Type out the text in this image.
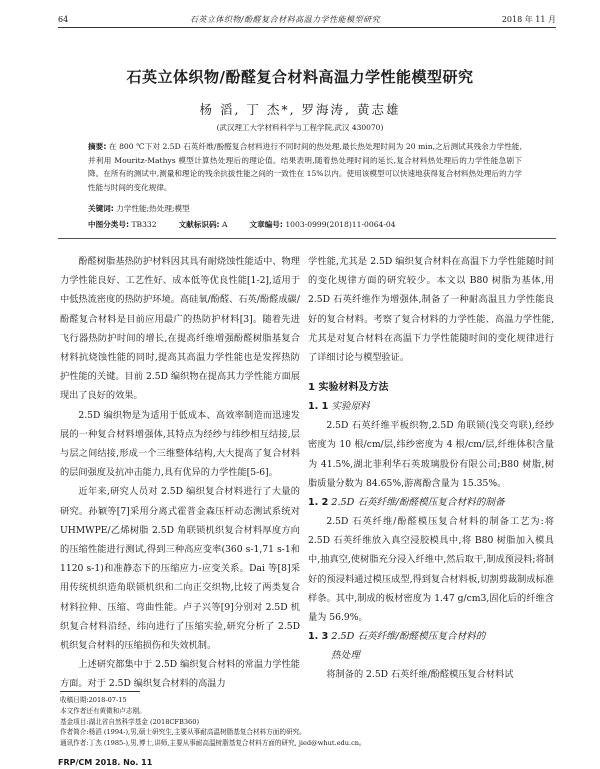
64	石英立体织物/酚醛复合材料高温力学性能模型研究	2018 年 11 月
石英立体织物/酚醛复合材料高温力学性能模型研究
杨 滔, 丁 杰*, 罗海涛, 黄志雄
(武汉理工大学材料科学与工程学院,武汉 430070)
摘要: 在 800 ℃下对 2.5D 石英纤维/酚醛复合材料进行不同时间的热处理,最长热处理时间为 20 min,之后测试其残余力学性能,并利用 Mouritz-Mathys 模型计算热处理后的理论值。结果表明,随着热处理时间的延长,复合材料热处理后的力学性能急剧下降。在所有的测试中,测量和理论的残余抗拔性能之间的一致性在 15%以内。使用该模型可以快速地获得复合材料热处理后的力学性能与时间的变化规律。
关键词: 力学性能;热处理;模型
中图分类号: TB332	文献标识码: A	文章编号: 1003-0999(2018)11-0064-04

酚醛树脂基热防护材料因其具有耐烧蚀性能适中、物理力学性能良好、工艺性好、成本低等优良性能[1-2],适用于中低热流密度的热防护环境。高硅氧/酚醛、石英/酚醛成碳/酚醛复合材料是目前应用最广的热防护材料[3]。随着先进飞行器热防护时间的增长,在提高纤维增强酚醛树脂基复合材料抗烧蚀性能的同时,提高其高温力学性能也是发挥热防护性能的关键。目前 2.5D 编织物在提高其力学性能方面展现出了良好的效果。

2.5D 编织物是为适用于低成本、高效率制造而迅速发展的一种复合材料增强体,其特点为经纱与纬纱相互结接,层与层之间结接,形成一个三维整体结构,大大提高了复合材料的层间强度及抗冲击能力,具有优异的力学性能[5-6]。

近年来,研究人员对 2.5D 编织复合材料进行了大量的研究。孙颖等[7]采用分离式霍普金森压杆动态测试系统对 UHMWPE/乙烯树脂 2.5D 角联锁机织复合材料厚度方向的压缩性能进行测试,得到三种高应变率(360 s-1,71 s-1和 1120 s-1)和准静态下的压缩应力-应变关系。Dai 等[8]采用传统机织造角联锁机织和二向正交织物,比较了两类复合材料拉伸、压缩、弯曲性能。卢子兴等[9]分别对 2.5D 机织复合材料沿经、纬向进行了压缩实验,研究分析了 2.5D 机织复合材料的压缩损伤和失效机制。

上述研究都集中于 2.5D 编织复合材料的常温力学性能方面。对于 2.5D 编织复合材料的高温力

学性能,尤其是 2.5D 编织复合材料在高温下力学性能随时间的变化规律方面的研究较少。本文以 B80 树脂为基体,用 2.5D 石英纤维作为增强体,制备了一种耐高温且力学性能良好的复合材料。考察了复合材料的力学性能、高温力学性能,尤其是对复合材料在高温下力学性能随时间的变化规律进行了详细讨论与模型验证。

1 实验材料及方法
1. 1 实验原料

2.5D 石英纤维平板织物,2.5D 角联锁(浅交弯联),经纱密度为 10 根/cm/层,纬纱密度为 4 根/cm/层,纤维体积含量为 41.5%,湖北菲利华石英玻璃股份有限公司;B80 树脂,树脂质量分数为 84.65%,游离酚含量为 15.35%。

1. 2 2.5D 石英纤维/酚醛模压复合材料的制备

2.5D 石英纤维/酚醛模压复合材料的制备工艺为:将 2.5D 石英纤维放入真空浸胶模具中,将 B80 树脂加入模具中,抽真空,使树脂充分浸入纤维中,然后取干,制成预浸料;将制好的预浸料通过模压成型,得到复合材料板,切割剪裁制成标准样条。其中,制成的板材密度为 1.47 g/cm3,固化后的纤维含量为 56.9%。

1. 3 2.5D 石英纤维/酚醛模压复合材料的
热处理

将制备的 2.5D 石英纤维/酚醛模压复合材料试

收稿日期:2018-07-15
本文作者还有黄微和卢志刚。
基金项目:湖北省自然科学基金 (2018CFB360)
作者简介:杨滔 (1994-),男,硕士研究生,主要从事耐高温树脂基复合材料方面的研究。
通讯作者:丁杰 (1985-),男,博士,讲师,主要从事耐高温树脂基复合材料方面的研究, jied@whut.edu.cn。
FRP/CM 2018. No. 11
